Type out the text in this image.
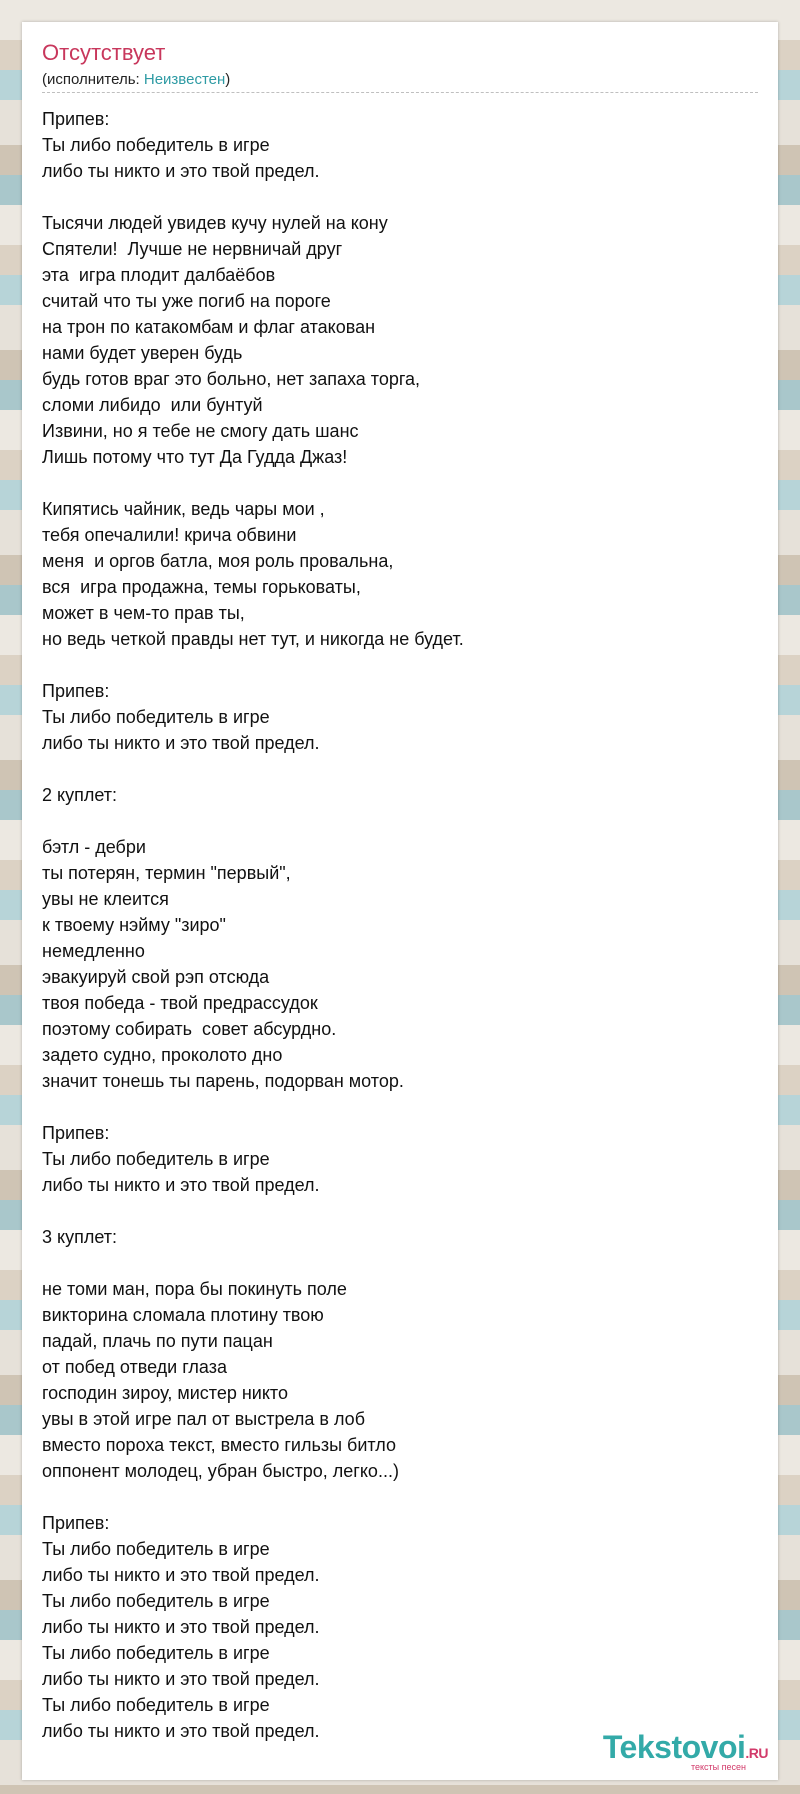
Отсутствует
(исполнитель: Неизвестен)
Припев:
Ты либо победитель в игре
либо ты никто и это твой предел.
Тысячи людей увидев кучу нулей на кону
Спятели!  Лучше не нервничай друг
эта  игра плодит далбаёбов
считай что ты уже погиб на пороге
на трон по катакомбам и флаг атакован
нами будет уверен будь
будь готов враг это больно, нет запаха торга,
сломи либидо  или бунтуй
Извини, но я тебе не смогу дать шанс
Лишь потому что тут Да Гудда Джаз!
Кипятись чайник, ведь чары мои ,
тебя опечалили! крича обвини
меня  и оргов батла, моя роль провальна,
вся  игра продажна, темы горьковаты,
может в чем-то прав ты,
но ведь четкой правды нет тут, и никогда не будет.
Припев:
Ты либо победитель в игре
либо ты никто и это твой предел.
2 куплет:
бэтл - дебри
ты потерян, термин "первый",
увы не клеится
к твоему нэйму "зиро"
немедленно
эвакуируй свой рэп отсюда
твоя победа - твой предрассудок
поэтому собирать  совет абсурдно.
задето судно, проколото дно
значит тонешь ты парень, подорван мотор.
Припев:
Ты либо победитель в игре
либо ты никто и это твой предел.
3 куплет:
не томи ман, пора бы покинуть поле
викторина сломала плотину твою
падай, плачь по пути пацан
от побед отведи глаза
господин зироу, мистер никто
увы в этой игре пал от выстрела в лоб
вместо пороха текст, вместо гильзы битло
оппонент молодец, убран быстро, легко...)
Припев:
Ты либо победитель в игре
либо ты никто и это твой предел.
Ты либо победитель в игре
либо ты никто и это твой предел.
Ты либо победитель в игре
либо ты никто и это твой предел.
Ты либо победитель в игре
либо ты никто и это твой предел.	Tekstovoi.RU
тексты песен
